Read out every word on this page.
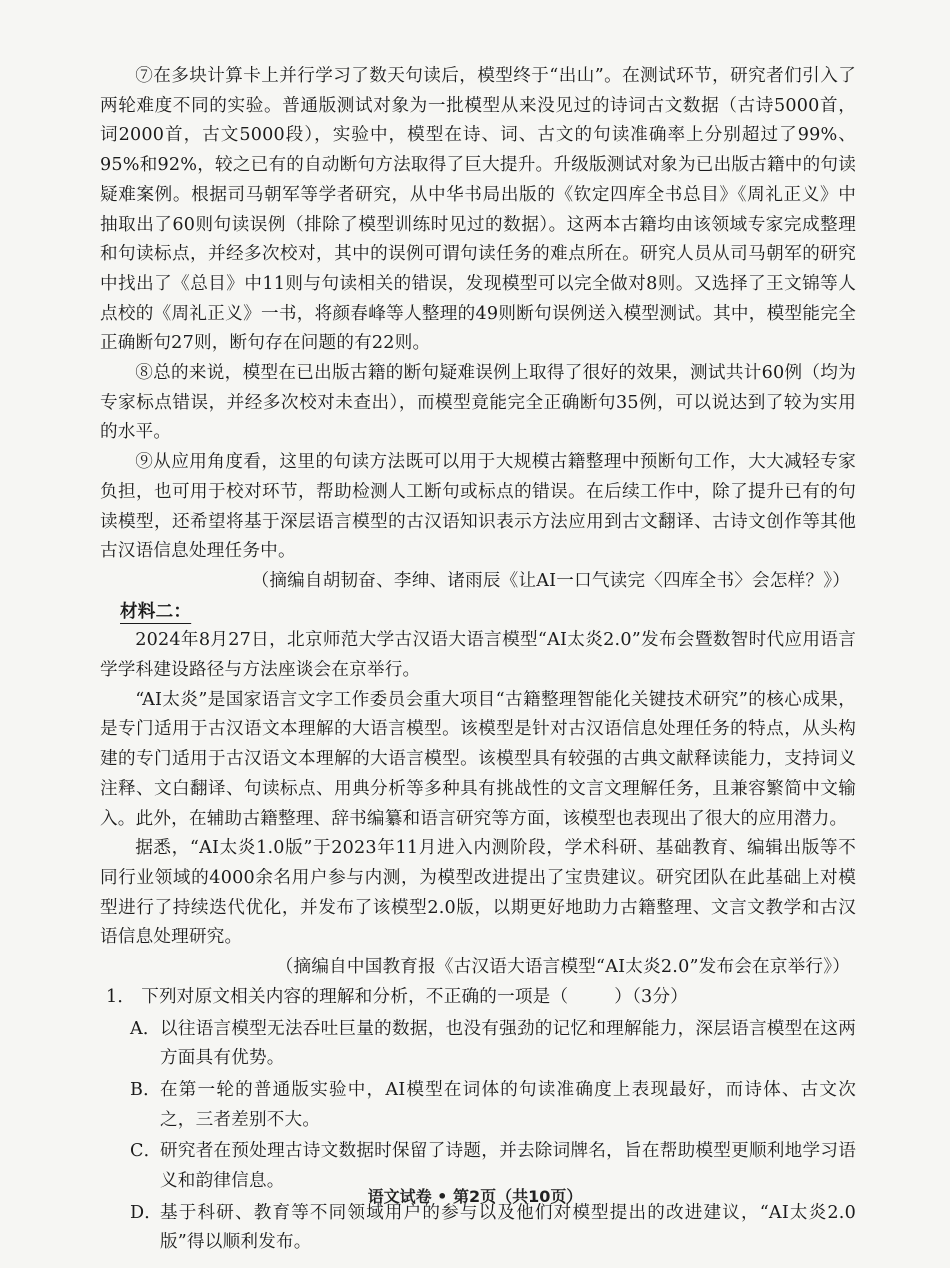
⑦在多块计算卡上并行学习了数天句读后，模型终于“出山”。在测试环节，研究者们引入了两轮难度不同的实验。普通版测试对象为一批模型从来没见过的诗词古文数据（古诗5000首，词2000首，古文5000段），实验中，模型在诗、词、古文的句读准确率上分别超过了99%、95%和92%，较之已有的自动断句方法取得了巨大提升。升级版测试对象为已出版古籍中的句读疑难案例。根据司马朝军等学者研究，从中华书局出版的《钦定四库全书总目》《周礼正义》中抽取出了60则句读误例（排除了模型训练时见过的数据）。这两本古籍均由该领域专家完成整理和句读标点，并经多次校对，其中的误例可谓句读任务的难点所在。研究人员从司马朝军的研究中找出了《总目》中11则与句读相关的错误，发现模型可以完全做对8则。又选择了王文锦等人点校的《周礼正义》一书，将颜春峰等人整理的49则断句误例送入模型测试。其中，模型能完全正确断句27则，断句存在问题的有22则。

⑧总的来说，模型在已出版古籍的断句疑难误例上取得了很好的效果，测试共计60例（均为专家标点错误，并经多次校对未查出），而模型竟能完全正确断句35例，可以说达到了较为实用的水平。

⑨从应用角度看，这里的句读方法既可以用于大规模古籍整理中预断句工作，大大减轻专家负担，也可用于校对环节，帮助检测人工断句或标点的错误。在后续工作中，除了提升已有的句读模型，还希望将基于深层语言模型的古汉语知识表示方法应用到古文翻译、古诗文创作等其他古汉语信息处理任务中。

（摘编自胡韧奋、李绅、诸雨辰《让AI一口气读完〈四库全书〉会怎样？》）

材料二：

2024年8月27日，北京师范大学古汉语大语言模型“AI太炎2.0”发布会暨数智时代应用语言学学科建设路径与方法座谈会在京举行。

“AI太炎”是国家语言文字工作委员会重大项目“古籍整理智能化关键技术研究”的核心成果，是专门适用于古汉语文本理解的大语言模型。该模型是针对古汉语信息处理任务的特点，从头构建的专门适用于古汉语文本理解的大语言模型。该模型具有较强的古典文献释读能力，支持词义注释、文白翻译、句读标点、用典分析等多种具有挑战性的文言文理解任务，且兼容繁简中文输入。此外，在辅助古籍整理、辞书编纂和语言研究等方面，该模型也表现出了很大的应用潜力。

据悉，“AI太炎1.0版”于2023年11月进入内测阶段，学术科研、基础教育、编辑出版等不同行业领域的4000余名用户参与内测，为模型改进提出了宝贵建议。研究团队在此基础上对模型进行了持续迭代优化，并发布了该模型2.0版，以期更好地助力古籍整理、文言文教学和古汉语信息处理研究。

（摘编自中国教育报《古汉语大语言模型“AI太炎2.0”发布会在京举行》）

1． 下列对原文相关内容的理解和分析，不正确的一项是（	）（3分）

A． 以往语言模型无法吞吐巨量的数据，也没有强劲的记忆和理解能力，深层语言模型在这两方面具有优势。
B． 在第一轮的普通版实验中，AI模型在词体的句读准确度上表现最好，而诗体、古文次之，三者差别不大。
C．
研究者在预处理古诗文数据时保留了诗题，并去除词牌名，旨在帮助模型更顺利地学习语义和韵律信息。
D．
基于科研、教育等不同领域用户的参与以及他们对模型提出的改进建议，“AI太炎2.0版”得以顺利发布。
语文试卷 • 第2页（共10页）
